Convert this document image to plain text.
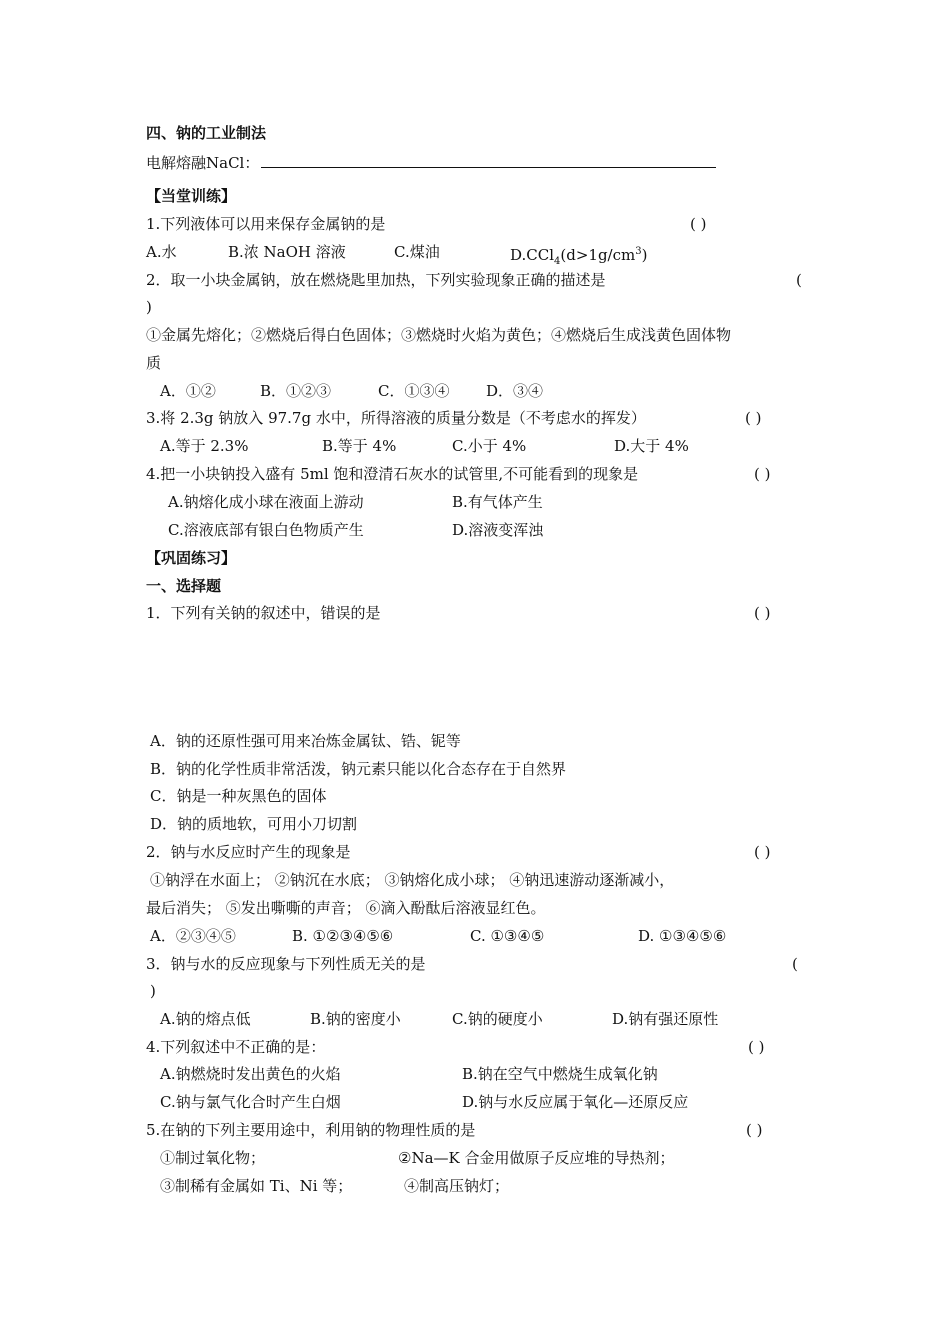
四、钠的工业制法
电解熔融NaCl：
【当堂训练】
1.下列液体可以用来保存金属钠的是	( )
A.水	B.浓 NaOH 溶液	C.煤油	$D.CCl_4(d>1g/cm^3)$
2．取一小块金属钠，放在燃烧匙里加热，下列实验现象正确的描述是	(
)
①金属先熔化；②燃烧后得白色固体；③燃烧时火焰为黄色；④燃烧后生成浅黄色固体物
质
A．①②	B．①②③	C．①③④ D．③④
3.将 2.3g 钠放入 97.7g 水中，所得溶液的质量分数是（不考虑水的挥发）	( )
A.等于 2.3%	B.等于 4%	C.小于 4%	D.大于 4%
4.把一小块钠投入盛有 5ml 饱和澄清石灰水的试管里,不可能看到的现象是	( )
A.钠熔化成小球在液面上游动	B.有气体产生
C.溶液底部有银白色物质产生	D.溶液变浑浊
【巩固练习】
一、选择题
1．下列有关钠的叙述中，错误的是	( )
A．钠的还原性强可用来冶炼金属钛、锆、铌等
B．钠的化学性质非常活泼，钠元素只能以化合态存在于自然界
C．钠是一种灰黑色的固体
D．钠的质地软，可用小刀切割
2．钠与水反应时产生的现象是	( )
①钠浮在水面上； ②钠沉在水底； ③钠熔化成小球； ④钠迅速游动逐渐减小，
最后消失； ⑤发出嘶嘶的声音； ⑥滴入酚酞后溶液显红色。
A．②③④⑤	B. ①②③④⑤⑥	C. ①③④⑤	D. ①③④⑤⑥
3．钠与水的反应现象与下列性质无关的是	(
)
A.钠的熔点低	B.钠的密度小	C.钠的硬度小	D.钠有强还原性
4.下列叙述中不正确的是：	( )
A.钠燃烧时发出黄色的火焰	B.钠在空气中燃烧生成氧化钠
C.钠与氯气化合时产生白烟	D.钠与水反应属于氧化—还原反应
5.在钠的下列主要用途中，利用钠的物理性质的是	( )
①制过氧化物；	②Na—K 合金用做原子反应堆的导热剂；
③制稀有金属如 Ti、Ni 等；	④制高压钠灯；
